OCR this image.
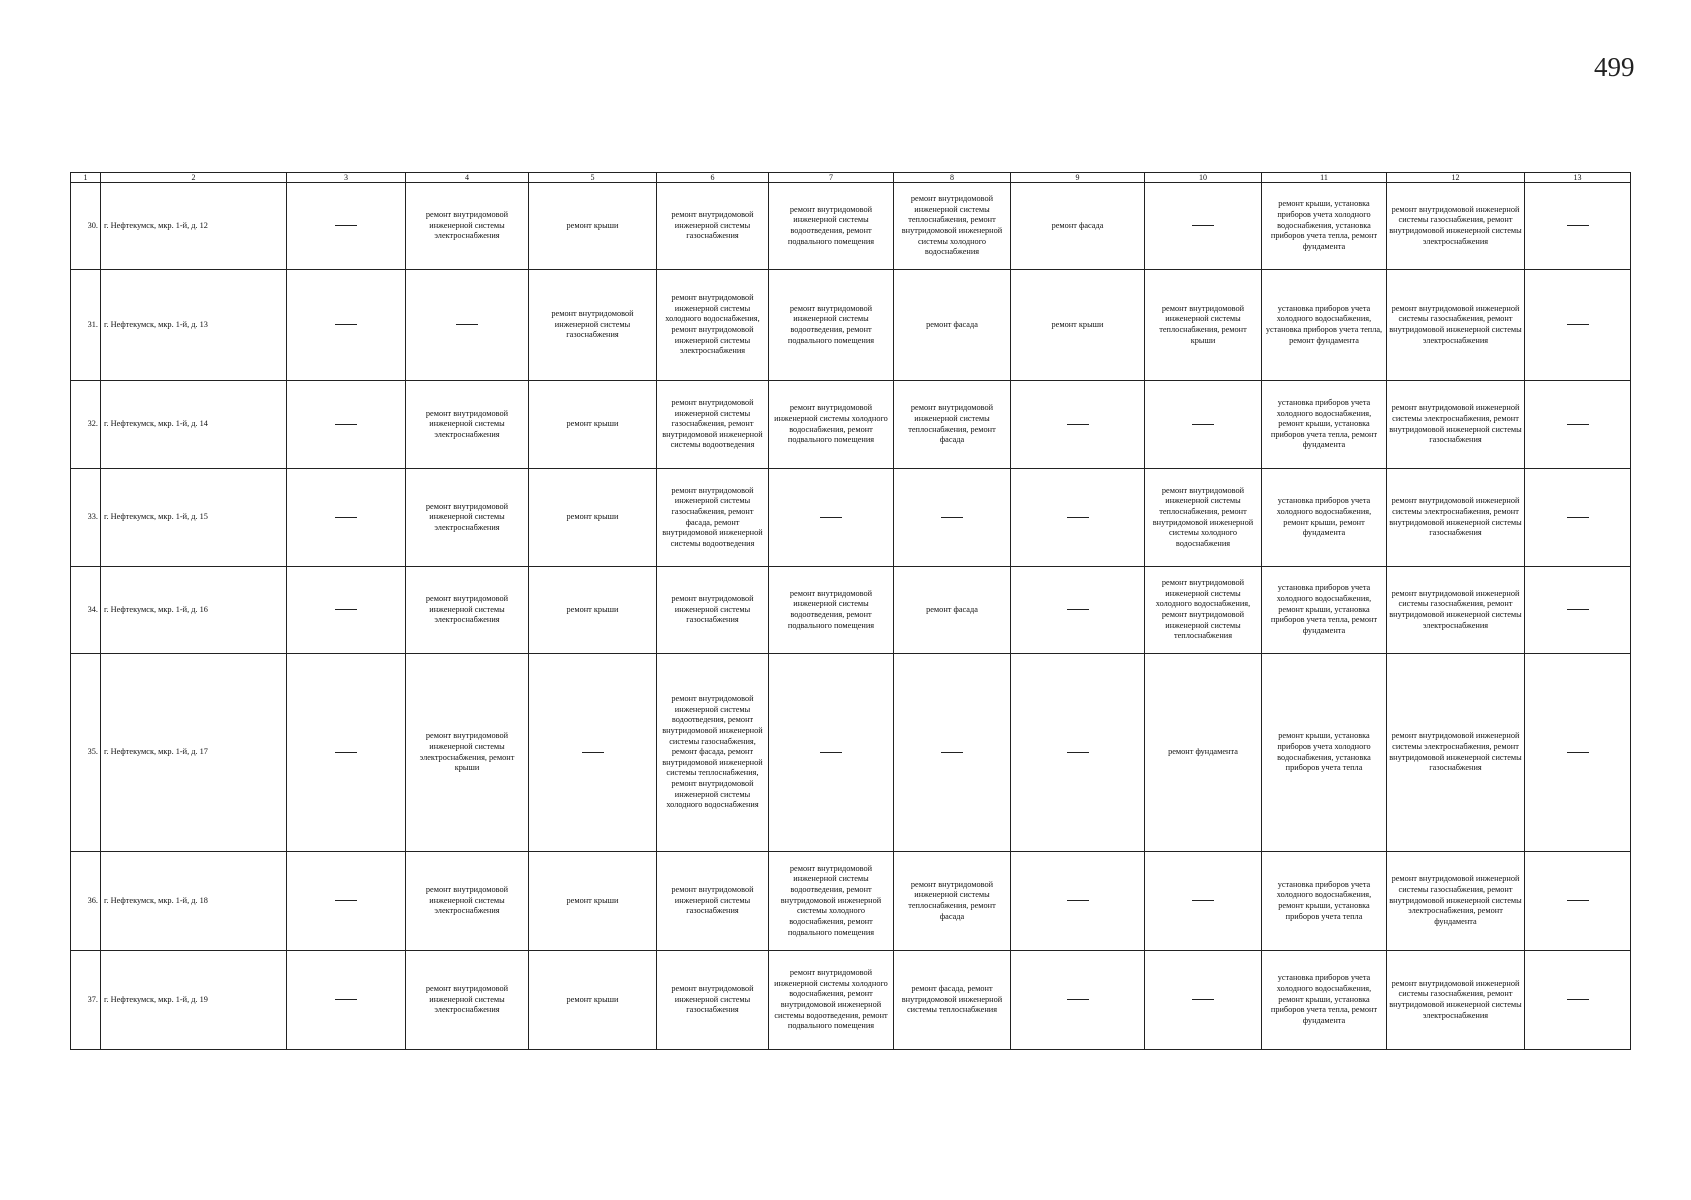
499
1	2	3	4	5	6	7	8	9	10	11	12	13
30.	г. Нефтекумск, мкр. 1-й, д. 12		ремонт внутридомовой инженерной системы электроснабжения	ремонт крыши	ремонт внутридомовой инженерной системы газоснабжения	ремонт внутридомовой инженерной системы водоотведения, ремонт подвального помещения	ремонт внутридомовой инженерной системы теплоснабжения, ремонт внутридомовой инженерной системы холодного водоснабжения	ремонт фасада		ремонт крыши, установка приборов учета холодного водоснабжения, установка приборов учета тепла, ремонт фундамента	ремонт внутридомовой инженерной системы газоснабжения, ремонт внутридомовой инженерной системы электроснабжения	
31.	г. Нефтекумск, мкр. 1-й, д. 13			ремонт внутридомовой инженерной системы газоснабжения	ремонт внутридомовой инженерной системы холодного водоснабжения, ремонт внутридомовой инженерной системы электроснабжения	ремонт внутридомовой инженерной системы водоотведения, ремонт подвального помещения	ремонт фасада	ремонт крыши	ремонт внутридомовой инженерной системы теплоснабжения, ремонт крыши	установка приборов учета холодного водоснабжения, установка приборов учета тепла, ремонт фундамента	ремонт внутридомовой инженерной системы газоснабжения, ремонт внутридомовой инженерной системы электроснабжения	
32.	г. Нефтекумск, мкр. 1-й, д. 14		ремонт внутридомовой инженерной системы электроснабжения	ремонт крыши	ремонт внутридомовой инженерной системы газоснабжения, ремонт внутридомовой инженерной системы водоотведения	ремонт внутридомовой инженерной системы холодного водоснабжения, ремонт подвального помещения	ремонт внутридомовой инженерной системы теплоснабжения, ремонт фасада			установка приборов учета холодного водоснабжения, ремонт крыши, установка приборов учета тепла, ремонт фундамента	ремонт внутридомовой инженерной системы электроснабжения, ремонт внутридомовой инженерной системы газоснабжения	
33.	г. Нефтекумск, мкр. 1-й, д. 15		ремонт внутридомовой инженерной системы электроснабжения	ремонт крыши	ремонт внутридомовой инженерной системы газоснабжения, ремонт фасада, ремонт внутридомовой инженерной системы водоотведения				ремонт внутридомовой инженерной системы теплоснабжения, ремонт внутридомовой инженерной системы холодного водоснабжения	установка приборов учета холодного водоснабжения, ремонт крыши, ремонт фундамента	ремонт внутридомовой инженерной системы электроснабжения, ремонт внутридомовой инженерной системы газоснабжения	
34.	г. Нефтекумск, мкр. 1-й, д. 16		ремонт внутридомовой инженерной системы электроснабжения	ремонт крыши	ремонт внутридомовой инженерной системы газоснабжения	ремонт внутридомовой инженерной системы водоотведения, ремонт подвального помещения	ремонт фасада		ремонт внутридомовой инженерной системы холодного водоснабжения, ремонт внутридомовой инженерной системы теплоснабжения	установка приборов учета холодного водоснабжения, ремонт крыши, установка приборов учета тепла, ремонт фундамента	ремонт внутридомовой инженерной системы газоснабжения, ремонт внутридомовой инженерной системы электроснабжения	
35.	г. Нефтекумск, мкр. 1-й, д. 17		ремонт внутридомовой инженерной системы электроснабжения, ремонт крыши		ремонт внутридомовой инженерной системы водоотведения, ремонт внутридомовой инженерной системы газоснабжения, ремонт фасада, ремонт внутридомовой инженерной системы теплоснабжения, ремонт внутридомовой инженерной системы холодного водоснабжения				ремонт фундамента	ремонт крыши, установка приборов учета холодного водоснабжения, установка приборов учета тепла	ремонт внутридомовой инженерной системы электроснабжения, ремонт внутридомовой инженерной системы газоснабжения	
36.	г. Нефтекумск, мкр. 1-й, д. 18		ремонт внутридомовой инженерной системы электроснабжения	ремонт крыши	ремонт внутридомовой инженерной системы газоснабжения	ремонт внутридомовой инженерной системы водоотведения, ремонт внутридомовой инженерной системы холодного водоснабжения, ремонт подвального помещения	ремонт внутридомовой инженерной системы теплоснабжения, ремонт фасада			установка приборов учета холодного водоснабжения, ремонт крыши, установка приборов учета тепла	ремонт внутридомовой инженерной системы газоснабжения, ремонт внутридомовой инженерной системы электроснабжения, ремонт фундамента	
37.	г. Нефтекумск, мкр. 1-й, д. 19		ремонт внутридомовой инженерной системы электроснабжения	ремонт крыши	ремонт внутридомовой инженерной системы газоснабжения	ремонт внутридомовой инженерной системы холодного водоснабжения, ремонт внутридомовой инженерной системы водоотведения, ремонт подвального помещения	ремонт фасада, ремонт внутридомовой инженерной системы теплоснабжения			установка приборов учета холодного водоснабжения, ремонт крыши, установка приборов учета тепла, ремонт фундамента	ремонт внутридомовой инженерной системы газоснабжения, ремонт внутридомовой инженерной системы электроснабжения	
